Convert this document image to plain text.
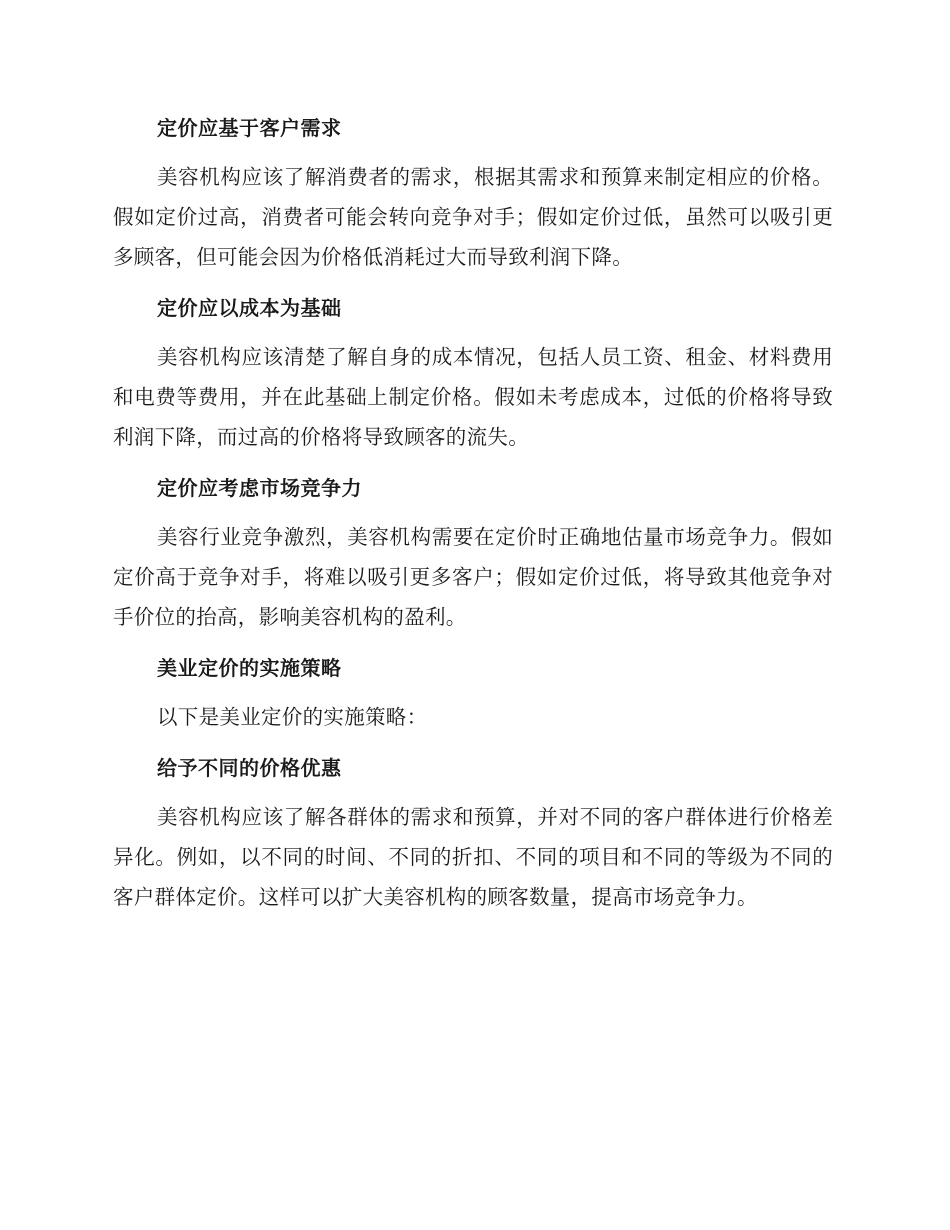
定价应基于客户需求

美容机构应该了解消费者的需求，根据其需求和预算来制定相应的价格。假如定价过高，消费者可能会转向竞争对手；假如定价过低，虽然可以吸引更多顾客，但可能会因为价格低消耗过大而导致利润下降。

定价应以成本为基础

美容机构应该清楚了解自身的成本情况，包括人员工资、租金、材料费用和电费等费用，并在此基础上制定价格。假如未考虑成本，过低的价格将导致利润下降，而过高的价格将导致顾客的流失。

定价应考虑市场竞争力

美容行业竞争激烈，美容机构需要在定价时正确地估量市场竞争力。假如定价高于竞争对手，将难以吸引更多客户；假如定价过低，将导致其他竞争对手价位的抬高，影响美容机构的盈利。

美业定价的实施策略

以下是美业定价的实施策略：

给予不同的价格优惠

美容机构应该了解各群体的需求和预算，并对不同的客户群体进行价格差异化。例如，以不同的时间、不同的折扣、不同的项目和不同的等级为不同的客户群体定价。这样可以扩大美容机构的顾客数量，提高市场竞争力。
